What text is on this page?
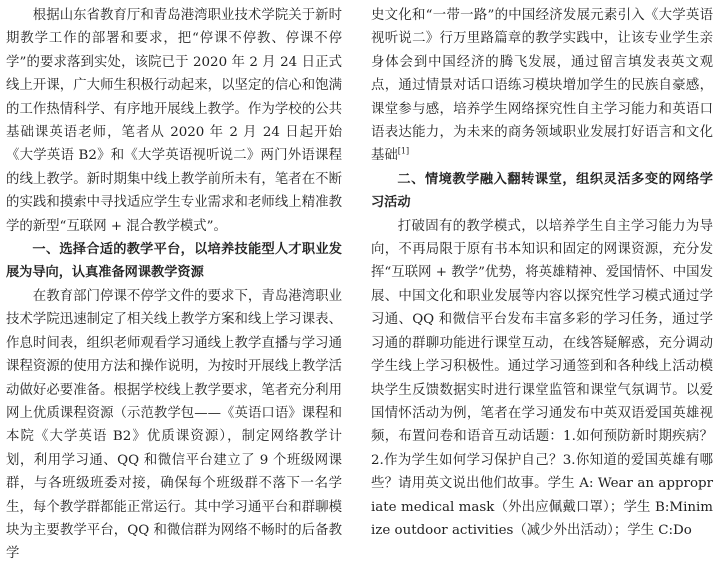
根据山东省教育厅和青岛港湾职业技术学院关于新时期教学工作的部署和要求，把“停课不停教、停课不停学”的要求落到实处，该院已于 2020 年 2 月 24 日正式线上开课，广大师生积极行动起来，以坚定的信心和饱满的工作热情科学、有序地开展线上教学。作为学校的公共基础课英语老师，笔者从 2020 年 2 月 24 日起开始《大学英语 B2》和《大学英语视听说二》两门外语课程的线上教学。新时期集中线上教学前所未有，笔者在不断的实践和摸索中寻找适应学生专业需求和老师线上精准教学的新型“互联网 + 混合教学模式”。

一、选择合适的教学平台，以培养技能型人才职业发展为导向，认真准备网课教学资源

在教育部门停课不停学文件的要求下，青岛港湾职业技术学院迅速制定了相关线上教学方案和线上学习课表、作息时间表，组织老师观看学习通线上教学直播与学习通课程资源的使用方法和操作说明，为按时开展线上教学活动做好必要准备。根据学校线上教学要求，笔者充分利用网上优质课程资源（示范教学包——《英语口语》课程和本院《大学英语 B2》优质课资源），制定网络教学计划，利用学习通、QQ 和微信平台建立了 9 个班级网课群，与各班级班委对接，确保每个班级群不落下一名学生，每个教学群都能正常运行。其中学习通平台和群聊模块为主要教学平台，QQ 和微信群为网络不畅时的后备教学

史文化和“一带一路”的中国经济发展元素引入《大学英语视听说二》行万里路篇章的教学实践中，让该专业学生亲身体会到中国经济的腾飞发展，通过留言填发表英文观点，通过情景对话口语练习模块增加学生的民族自豪感，课堂参与感，培养学生网络探究性自主学习能力和英语口语表达能力，为未来的商务领域职业发展打好语言和文化基础[1]

二、情境教学融入翻转课堂，组织灵活多变的网络学习活动

打破固有的教学模式，以培养学生自主学习能力为导向，不再局限于原有书本知识和固定的网课资源，充分发挥“互联网 + 教学”优势，将英雄精神、爱国情怀、中国发展、中国文化和职业发展等内容以探究性学习模式通过学习通、QQ 和微信平台发布丰富多彩的学习任务，通过学习通的群聊功能进行课堂互动，在线答疑解惑，充分调动学生线上学习积极性。通过学习通签到和各种线上活动模块学生反馈数据实时进行课堂监管和课堂气氛调节。以爱国情怀活动为例，笔者在学习通发布中英双语爱国英雄视频，布置问卷和语音互动话题：1.如何预防新时期疾病？2.作为学生如何学习保护自己？3.你知道的爱国英雄有哪些？请用英文说出他们故事。学生 A: Wear an appropriate medical mask（外出应佩戴口罩）；学生 B:Minimize outdoor activities（减少外出活动）；学生 C:Do
